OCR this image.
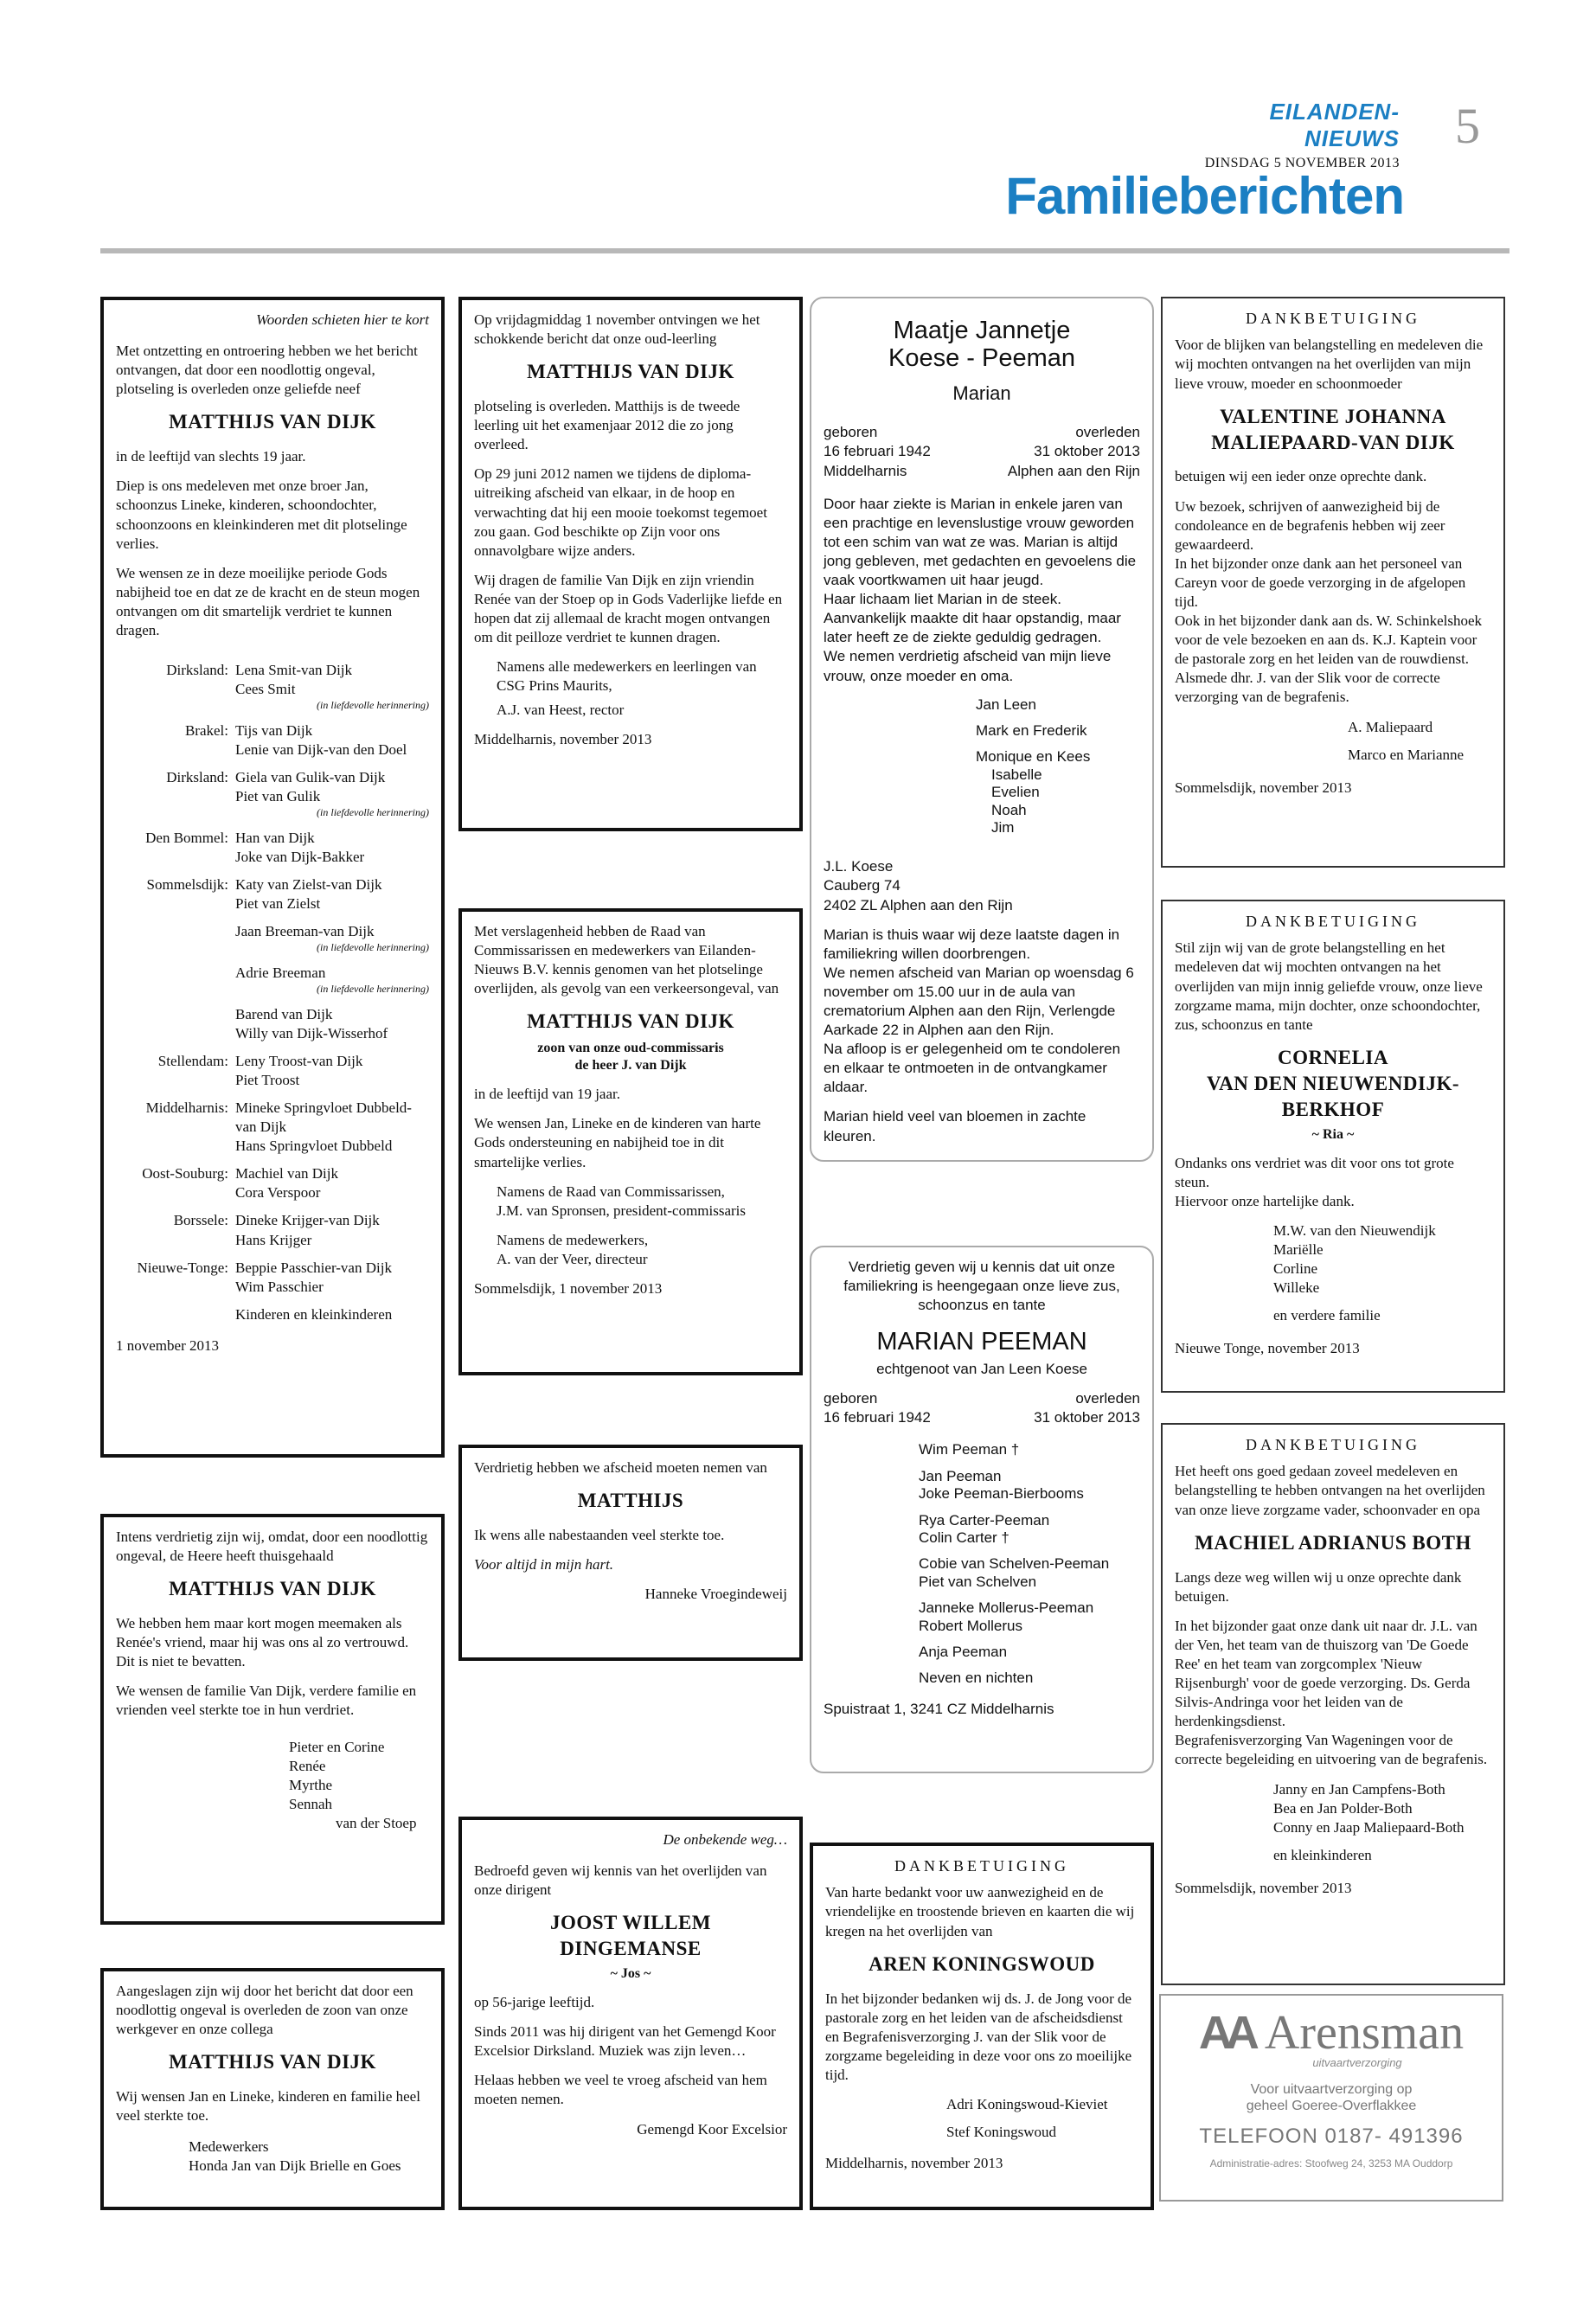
EILANDEN-NIEUWS
DINSDAG 5 NOVEMBER 2013
5
Familieberichten

Woorden schieten hier te kort

Met ontzetting en ontroering hebben we het bericht ontvangen, dat door een noodlottig ongeval, plotseling is overleden onze geliefde neef

MATTHIJS VAN DIJK

in de leeftijd van slechts 19 jaar.

Diep is ons medeleven met onze broer Jan, schoonzus Lineke, kinderen, schoondochter, schoonzoons en kleinkinderen met dit plotselinge verlies.

We wensen ze in deze moeilijke periode Gods nabijheid toe en dat ze de kracht en de steun mogen ontvangen om dit smartelijk verdriet te kunnen dragen.

Dirksland: Lena Smit-van Dijk
Cees Smit
(in liefdevolle herinnering)
Brakel: Tijs van Dijk
Lenie van Dijk-van den Doel
Dirksland: Giela van Gulik-van Dijk
Piet van Gulik
(in liefdevolle herinnering)
Den Bommel: Han van Dijk
Joke van Dijk-Bakker
Sommelsdijk: Katy van Zielst-van Dijk
Piet van Zielst
Jaan Breeman-van Dijk
(in liefdevolle herinnering)
Adrie Breeman
(in liefdevolle herinnering)
Barend van Dijk
Willy van Dijk-Wisserhof
Stellendam: Leny Troost-van Dijk
Piet Troost
Middelharnis: Mineke Springvloet Dubbeld-van Dijk
Hans Springvloet Dubbeld
Oost-Souburg: Machiel van Dijk
Cora Verspoor
Borssele: Dineke Krijger-van Dijk
Hans Krijger
Nieuwe-Tonge: Beppie Passchier-van Dijk
Wim Passchier
Kinderen en kleinkinderen

1 november 2013

Intens verdrietig zijn wij, omdat, door een noodlottig ongeval, de Heere heeft thuisgehaald

MATTHIJS VAN DIJK

We hebben hem maar kort mogen meemaken als Renée's vriend, maar hij was ons al zo vertrouwd.
Dit is niet te bevatten.

We wensen de familie Van Dijk, verdere familie en vrienden veel sterkte toe in hun verdriet.

Pieter en Corine
Renée
Myrthe
Sennah
van der Stoep

Aangeslagen zijn wij door het bericht dat door een noodlottig ongeval is overleden de zoon van onze werkgever en onze collega

MATTHIJS VAN DIJK

Wij wensen Jan en Lineke, kinderen en familie heel veel sterkte toe.

Medewerkers
Honda Jan van Dijk Brielle en Goes

Op vrijdagmiddag 1 november ontvingen we het schokkende bericht dat onze oud-leerling

MATTHIJS VAN DIJK

plotseling is overleden. Matthijs is de tweede leerling uit het examenjaar 2012 die zo jong overleed.

Op 29 juni 2012 namen we tijdens de diploma-uitreiking afscheid van elkaar, in de hoop en verwachting dat hij een mooie toekomst tegemoet zou gaan. God beschikte op Zijn voor ons onnavolgbare wijze anders.

Wij dragen de familie Van Dijk en zijn vriendin Renée van der Stoep op in Gods Vaderlijke liefde en hopen dat zij allemaal de kracht mogen ontvangen om dit peilloze verdriet te kunnen dragen.

Namens alle medewerkers en leerlingen van CSG Prins Maurits,

A.J. van Heest, rector

Middelharnis, november 2013

Met verslagenheid hebben de Raad van Commissarissen en medewerkers van Eilanden-Nieuws B.V. kennis genomen van het plotselinge overlijden, als gevolg van een verkeersongeval, van

MATTHIJS VAN DIJK
zoon van onze oud-commissaris
de heer J. van Dijk

in de leeftijd van 19 jaar.

We wensen Jan, Lineke en de kinderen van harte Gods ondersteuning en nabijheid toe in dit smartelijke verlies.

Namens de Raad van Commissarissen,
J.M. van Spronsen, president-commissaris

Namens de medewerkers,
A. van der Veer, directeur

Sommelsdijk, 1 november 2013

Verdrietig hebben we afscheid moeten nemen van

MATTHIJS

Ik wens alle nabestaanden veel sterkte toe.

Voor altijd in mijn hart.

Hanneke Vroegindeweij

De onbekende weg…

Bedroefd geven wij kennis van het overlijden van onze dirigent

JOOST WILLEM
DINGEMANSE
~ Jos ~

op 56-jarige leeftijd.

Sinds 2011 was hij dirigent van het Gemengd Koor Excelsior Dirksland. Muziek was zijn leven…

Helaas hebben we veel te vroeg afscheid van hem moeten nemen.

Gemengd Koor Excelsior

Maatje Jannetje
Koese - Peeman
Marian
geboren
16 februari 1942
Middelharnis
overleden
31 oktober 2013
Alphen aan den Rijn

Door haar ziekte is Marian in enkele jaren van een prachtige en levenslustige vrouw geworden tot een schim van wat ze was. Marian is altijd jong gebleven, met gedachten en gevoelens die vaak voortkwamen uit haar jeugd.
Haar lichaam liet Marian in de steek. Aanvankelijk maakte dit haar opstandig, maar later heeft ze de ziekte geduldig gedragen.
We nemen verdrietig afscheid van mijn lieve vrouw, onze moeder en oma.

Jan Leen
Mark en Frederik
Monique en Kees
Isabelle
Evelien
Noah
Jim

J.L. Koese
Cauberg 74
2402 ZL Alphen aan den Rijn

Marian is thuis waar wij deze laatste dagen in familiekring willen doorbrengen.
We nemen afscheid van Marian op woensdag 6 november om 15.00 uur in de aula van crematorium Alphen aan den Rijn, Verlengde Aarkade 22 in Alphen aan den Rijn.
Na afloop is er gelegenheid om te condoleren en elkaar te ontmoeten in de ontvangkamer aldaar.

Marian hield veel van bloemen in zachte kleuren.

Verdrietig geven wij u kennis dat uit onze familiekring is heengegaan onze lieve zus, schoonzus en tante

MARIAN PEEMAN
echtgenoot van Jan Leen Koese
geboren
16 februari 1942
overleden
31 oktober 2013
Wim Peeman †
Jan Peeman
Joke Peeman-Bierbooms
Rya Carter-Peeman
Colin Carter †
Cobie van Schelven-Peeman
Piet van Schelven
Janneke Mollerus-Peeman
Robert Mollerus
Anja Peeman
Neven en nichten

Spuistraat 1, 3241 CZ Middelharnis

DANKBETUIGING

Van harte bedankt voor uw aanwezigheid en de vriendelijke en troostende brieven en kaarten die wij kregen na het overlijden van

AREN KONINGSWOUD

In het bijzonder bedanken wij ds. J. de Jong voor de pastorale zorg en het leiden van de afscheidsdienst en Begrafenisverzorging J. van der Slik voor de zorgzame begeleiding in deze voor ons zo moeilijke tijd.

Adri Koningswoud-Kieviet
Stef Koningswoud

Middelharnis, november 2013

DANKBETUIGING

Voor de blijken van belangstelling en medeleven die wij mochten ontvangen na het overlijden van mijn lieve vrouw, moeder en schoonmoeder

VALENTINE JOHANNA
MALIEPAARD-VAN DIJK

betuigen wij een ieder onze oprechte dank.

Uw bezoek, schrijven of aanwezigheid bij de condoleance en de begrafenis hebben wij zeer gewaardeerd.
In het bijzonder onze dank aan het personeel van Careyn voor de goede verzorging in de afgelopen tijd.
Ook in het bijzonder dank aan ds. W. Schinkelshoek voor de vele bezoeken en aan ds. K.J. Kaptein voor de pastorale zorg en het leiden van de rouwdienst.
Alsmede dhr. J. van der Slik voor de correcte verzorging van de begrafenis.

A. Maliepaard
Marco en Marianne

Sommelsdijk, november 2013

DANKBETUIGING

Stil zijn wij van de grote belangstelling en het medeleven dat wij mochten ontvangen na het overlijden van mijn innig geliefde vrouw, onze lieve zorgzame mama, mijn dochter, onze schoondochter, zus, schoonzus en tante

CORNELIA
VAN DEN NIEUWENDIJK-
BERKHOF
~ Ria ~

Ondanks ons verdriet was dit voor ons tot grote steun.
Hiervoor onze hartelijke dank.

M.W. van den Nieuwendijk
Mariëlle
Corline
Willeke
en verdere familie

Nieuwe Tonge, november 2013

DANKBETUIGING

Het heeft ons goed gedaan zoveel medeleven en belangstelling te hebben ontvangen na het overlijden van onze lieve zorgzame vader, schoonvader en opa

MACHIEL ADRIANUS BOTH

Langs deze weg willen wij u onze oprechte dank betuigen.

In het bijzonder gaat onze dank uit naar dr. J.L. van der Ven, het team van de thuiszorg van 'De Goede Ree' en het team van zorgcomplex 'Nieuw Rijsenburgh' voor de goede verzorging. Ds. Gerda Silvis-Andringa voor het leiden van de herdenkingsdienst.
Begrafenisverzorging Van Wageningen voor de correcte begeleiding en uitvoering van de begrafenis.

Janny en Jan Campfens-Both
Bea en Jan Polder-Both
Conny en Jaap Maliepaard-Both
en kleinkinderen

Sommelsdijk, november 2013

AA Arensman
uitvaartverzorging
Voor uitvaartverzorging op
geheel Goeree-Overflakkee
TELEFOON 0187- 491396
Administratie-adres: Stoofweg 24, 3253 MA Ouddorp
